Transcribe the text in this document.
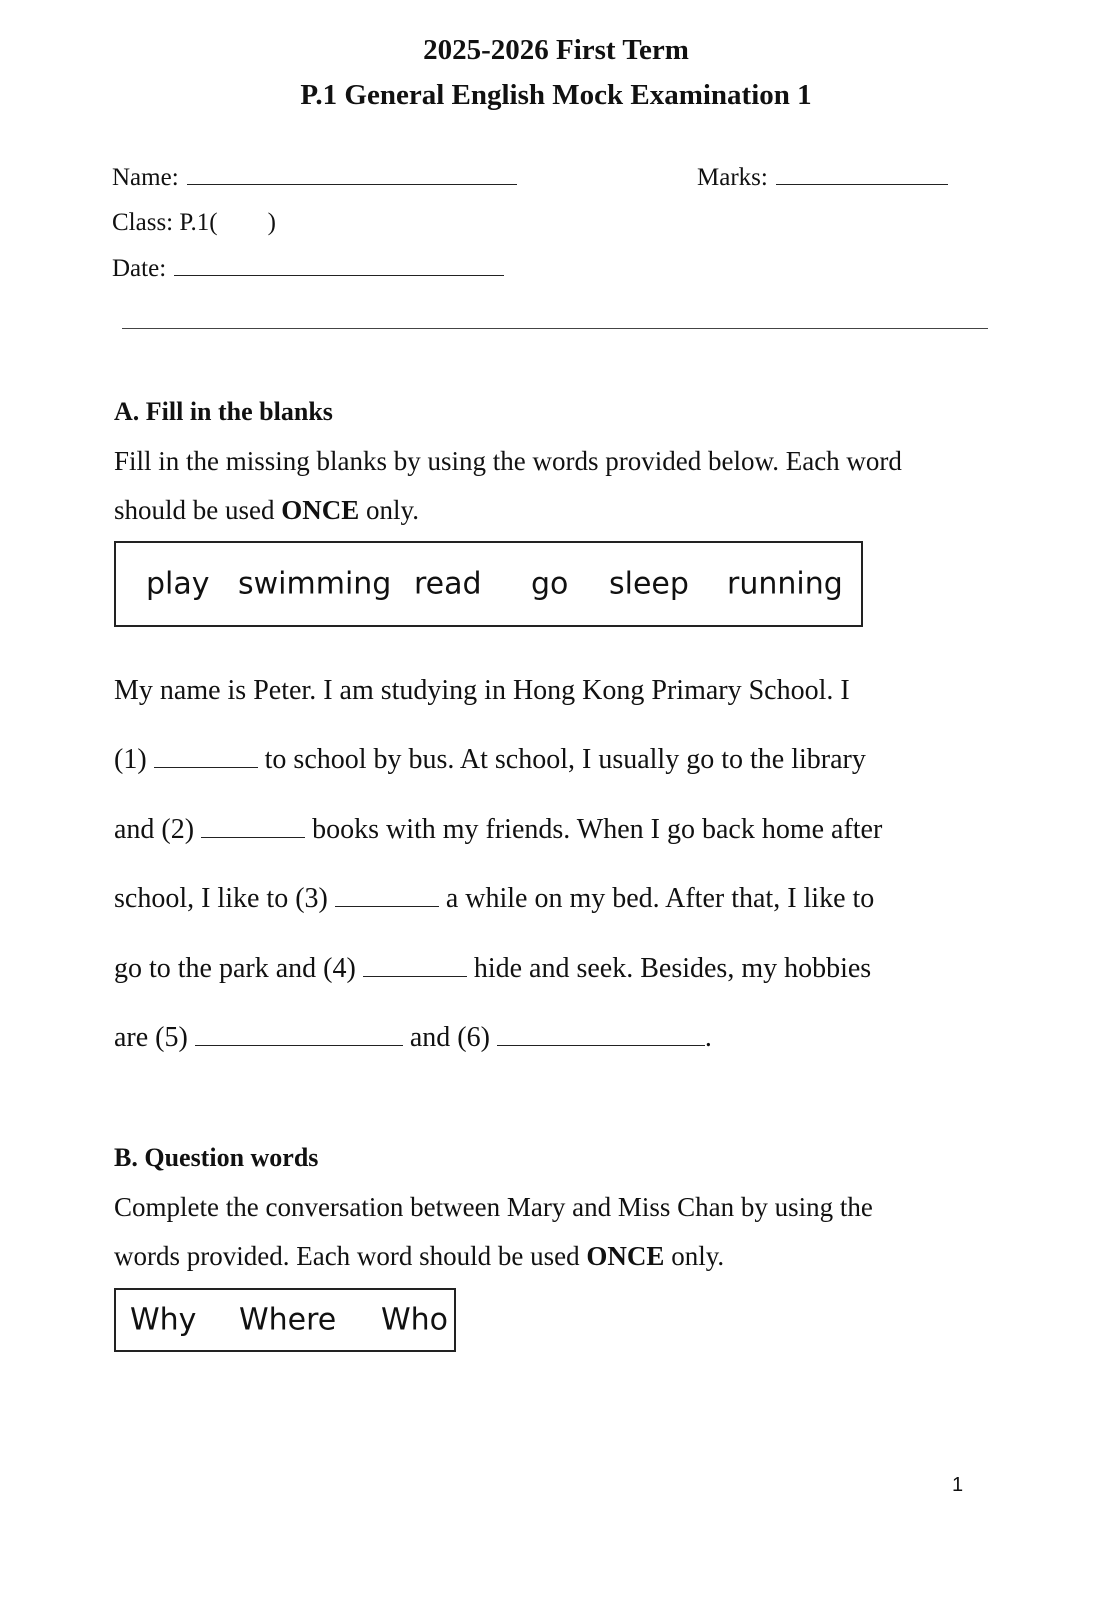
2025-2026 First Term
P.1 General English Mock Examination 1
Name:	Marks:
Class: P.1( )
Date:
A. Fill in the blanks
Fill in the missing blanks by using the words provided below. Each word
should be used ONCE only.
play swimming read go sleep running
My name is Peter. I am studying in Hong Kong Primary School. I
(1)	to school by bus. At school, I usually go to the library
and (2)	books with my friends. When I go back home after
school, I like to (3)	a while on my bed. After that, I like to
go to the park and (4)	hide and seek. Besides, my hobbies
are (5)	and (6)	.
B. Question words
Complete the conversation between Mary and Miss Chan by using the
words provided. Each word should be used ONCE only.
Why Where Who
1
